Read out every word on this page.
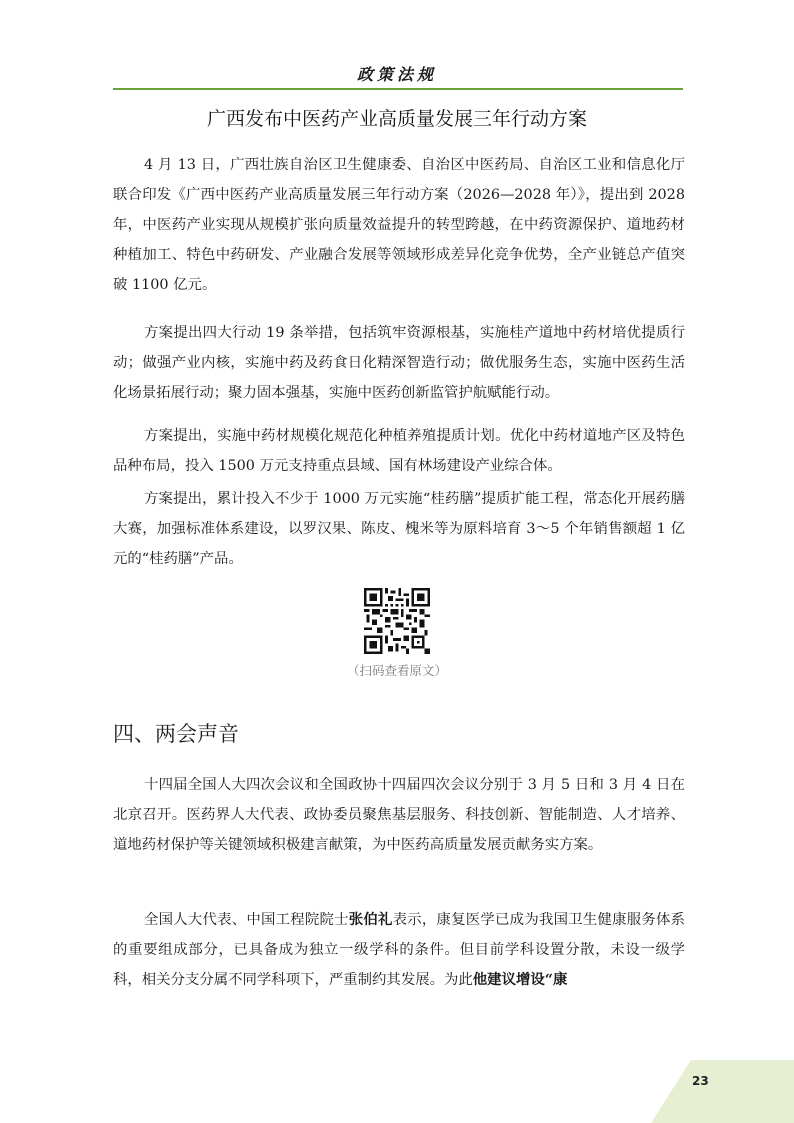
政策法规
广西发布中医药产业高质量发展三年行动方案

4 月 13 日，广西壮族自治区卫生健康委、自治区中医药局、自治区工业和信息化厅联合印发《广西中医药产业高质量发展三年行动方案（2026—2028 年）》，提出到 2028 年，中医药产业实现从规模扩张向质量效益提升的转型跨越，在中药资源保护、道地药材种植加工、特色中药研发、产业融合发展等领域形成差异化竞争优势，全产业链总产值突破 1100 亿元。

方案提出四大行动 19 条举措，包括筑牢资源根基，实施桂产道地中药材培优提质行动；做强产业内核，实施中药及药食日化精深智造行动；做优服务生态，实施中医药生活化场景拓展行动；聚力固本强基，实施中医药创新监管护航赋能行动。

方案提出，实施中药材规模化规范化种植养殖提质计划。优化中药材道地产区及特色品种布局，投入 1500 万元支持重点县域、国有林场建设产业综合体。

方案提出，累计投入不少于 1000 万元实施“桂药膳”提质扩能工程，常态化开展药膳大赛，加强标准体系建设，以罗汉果、陈皮、槐米等为原料培育 3～5 个年销售额超 1 亿元的“桂药膳”产品。

（扫码查看原文）
四、两会声音

十四届全国人大四次会议和全国政协十四届四次会议分别于 3 月 5 日和 3 月 4 日在北京召开。医药界人大代表、政协委员聚焦基层服务、科技创新、智能制造、人才培养、道地药材保护等关键领域积极建言献策，为中医药高质量发展贡献务实方案。

全国人大代表、中国工程院院士张伯礼表示，康复医学已成为我国卫生健康服务体系的重要组成部分，已具备成为独立一级学科的条件。但目前学科设置分散，未设一级学科，相关分支分属不同学科项下，严重制约其发展。为此他建议增设“康

23
